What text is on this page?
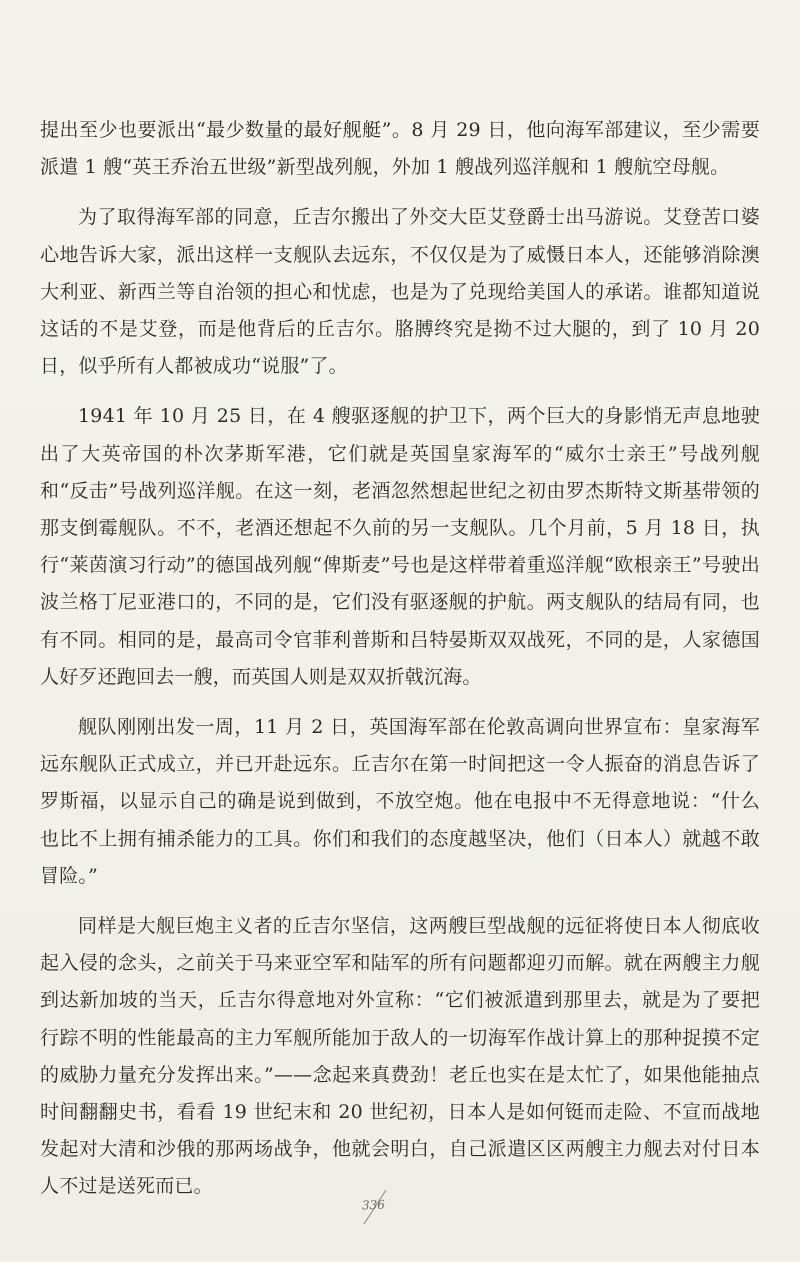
提出至少也要派出“最少数量的最好舰艇”。8 月 29 日，他向海军部建议，至少需要派遣 1 艘“英王乔治五世级”新型战列舰，外加 1 艘战列巡洋舰和 1 艘航空母舰。

为了取得海军部的同意，丘吉尔搬出了外交大臣艾登爵士出马游说。艾登苦口婆心地告诉大家，派出这样一支舰队去远东，不仅仅是为了威慑日本人，还能够消除澳大利亚、新西兰等自治领的担心和忧虑，也是为了兑现给美国人的承诺。谁都知道说这话的不是艾登，而是他背后的丘吉尔。胳膊终究是拗不过大腿的，到了 10 月 20 日，似乎所有人都被成功“说服”了。

1941 年 10 月 25 日，在 4 艘驱逐舰的护卫下，两个巨大的身影悄无声息地驶出了大英帝国的朴次茅斯军港，它们就是英国皇家海军的“威尔士亲王”号战列舰和“反击”号战列巡洋舰。在这一刻，老酒忽然想起世纪之初由罗杰斯特文斯基带领的那支倒霉舰队。不不，老酒还想起不久前的另一支舰队。几个月前，5 月 18 日，执行“莱茵演习行动”的德国战列舰“俾斯麦”号也是这样带着重巡洋舰“欧根亲王”号驶出波兰格丁尼亚港口的，不同的是，它们没有驱逐舰的护航。两支舰队的结局有同，也有不同。相同的是，最高司令官菲利普斯和吕特晏斯双双战死，不同的是，人家德国人好歹还跑回去一艘，而英国人则是双双折戟沉海。

舰队刚刚出发一周，11 月 2 日，英国海军部在伦敦高调向世界宣布：皇家海军远东舰队正式成立，并已开赴远东。丘吉尔在第一时间把这一令人振奋的消息告诉了罗斯福，以显示自己的确是说到做到，不放空炮。他在电报中不无得意地说：“什么也比不上拥有捕杀能力的工具。你们和我们的态度越坚决，他们（日本人）就越不敢冒险。”

同样是大舰巨炮主义者的丘吉尔坚信，这两艘巨型战舰的远征将使日本人彻底收起入侵的念头，之前关于马来亚空军和陆军的所有问题都迎刃而解。就在两艘主力舰到达新加坡的当天，丘吉尔得意地对外宣称：“它们被派遣到那里去，就是为了要把行踪不明的性能最高的主力军舰所能加于敌人的一切海军作战计算上的那种捉摸不定的威胁力量充分发挥出来。”——念起来真费劲！老丘也实在是太忙了，如果他能抽点时间翻翻史书，看看 19 世纪末和 20 世纪初，日本人是如何铤而走险、不宣而战地发起对大清和沙俄的那两场战争，他就会明白，自己派遣区区两艘主力舰去对付日本人不过是送死而已。

336
